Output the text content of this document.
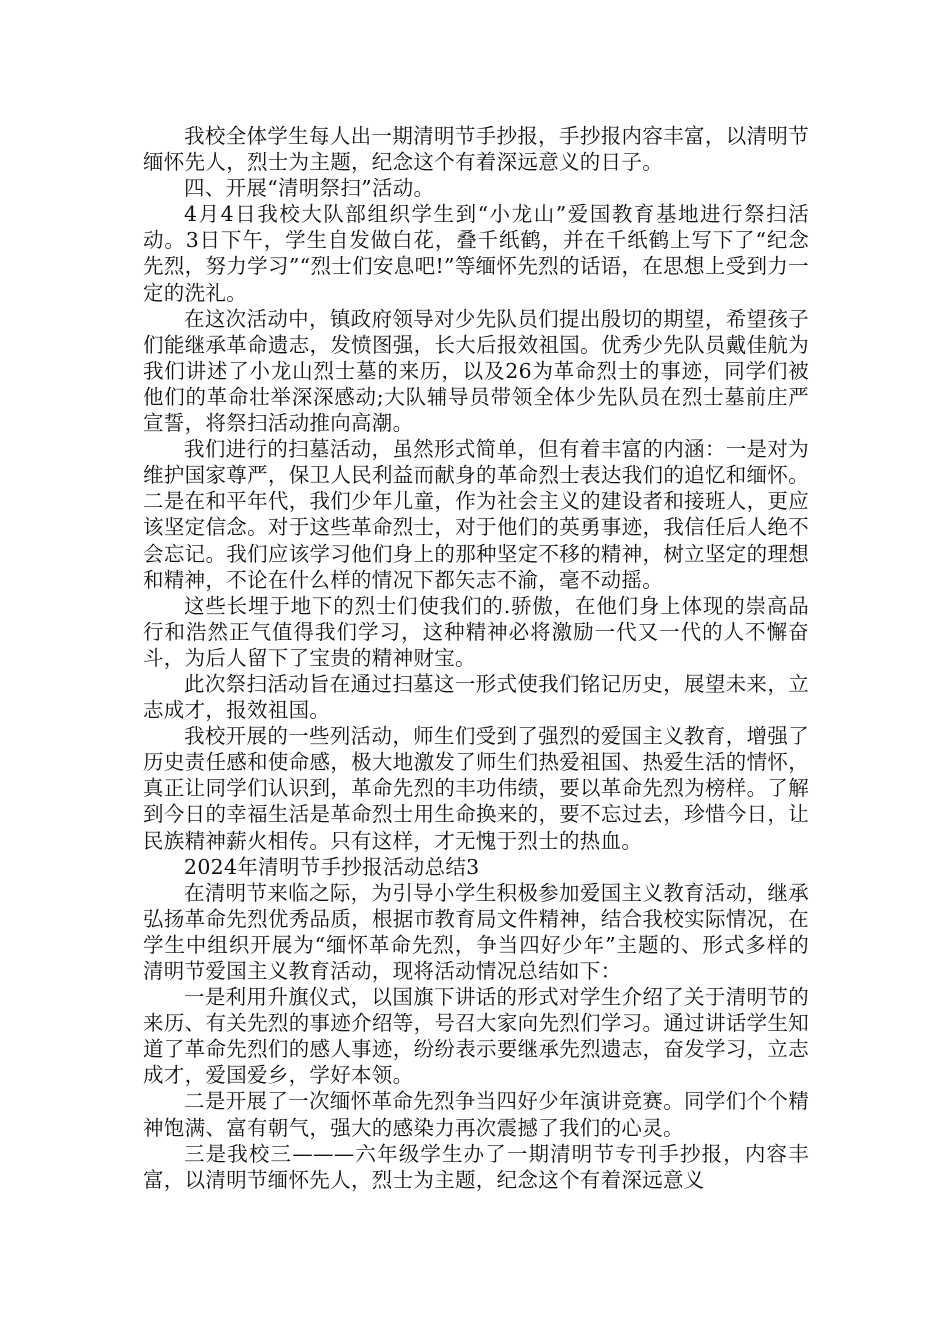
我校全体学生每人出一期清明节手抄报，手抄报内容丰富，以清明节缅怀先人，烈士为主题，纪念这个有着深远意义的日子。

四、开展“清明祭扫”活动。

4月4日我校大队部组织学生到“小龙山”爱国教育基地进行祭扫活动。3日下午，学生自发做白花，叠千纸鹤，并在千纸鹤上写下了“纪念先烈，努力学习”“烈士们安息吧!”等缅怀先烈的话语，在思想上受到力一定的洗礼。

在这次活动中，镇政府领导对少先队员们提出殷切的期望，希望孩子们能继承革命遗志，发愤图强，长大后报效祖国。优秀少先队员戴佳航为我们讲述了小龙山烈士墓的来历，以及26为革命烈士的事迹，同学们被他们的革命壮举深深感动;大队辅导员带领全体少先队员在烈士墓前庄严宣誓，将祭扫活动推向高潮。

我们进行的扫墓活动，虽然形式简单，但有着丰富的内涵：一是对为维护国家尊严，保卫人民利益而献身的革命烈士表达我们的追忆和缅怀。二是在和平年代，我们少年儿童，作为社会主义的建设者和接班人，更应该坚定信念。对于这些革命烈士，对于他们的英勇事迹，我信任后人绝不会忘记。我们应该学习他们身上的那种坚定不移的精神，树立坚定的理想和精神，不论在什么样的情况下都矢志不渝，毫不动摇。

这些长埋于地下的烈士们使我们的.骄傲，在他们身上体现的崇高品行和浩然正气值得我们学习，这种精神必将激励一代又一代的人不懈奋斗，为后人留下了宝贵的精神财宝。

此次祭扫活动旨在通过扫墓这一形式使我们铭记历史，展望未来，立志成才，报效祖国。

我校开展的一些列活动，师生们受到了强烈的爱国主义教育，增强了历史责任感和使命感，极大地激发了师生们热爱祖国、热爱生活的情怀，真正让同学们认识到，革命先烈的丰功伟绩，要以革命先烈为榜样。了解到今日的幸福生活是革命烈士用生命换来的，要不忘过去，珍惜今日，让民族精神薪火相传。只有这样，才无愧于烈士的热血。

2024年清明节手抄报活动总结3

在清明节来临之际，为引导小学生积极参加爱国主义教育活动，继承弘扬革命先烈优秀品质，根据市教育局文件精神，结合我校实际情况，在学生中组织开展为“缅怀革命先烈，争当四好少年”主题的、形式多样的清明节爱国主义教育活动，现将活动情况总结如下：

一是利用升旗仪式，以国旗下讲话的形式对学生介绍了关于清明节的来历、有关先烈的事迹介绍等，号召大家向先烈们学习。通过讲话学生知道了革命先烈们的感人事迹，纷纷表示要继承先烈遗志，奋发学习，立志成才，爱国爱乡，学好本领。

二是开展了一次缅怀革命先烈争当四好少年演讲竞赛。同学们个个精神饱满、富有朝气，强大的感染力再次震撼了我们的心灵。

三是我校三———六年级学生办了一期清明节专刊手抄报，内容丰富，以清明节缅怀先人，烈士为主题，纪念这个有着深远意义
